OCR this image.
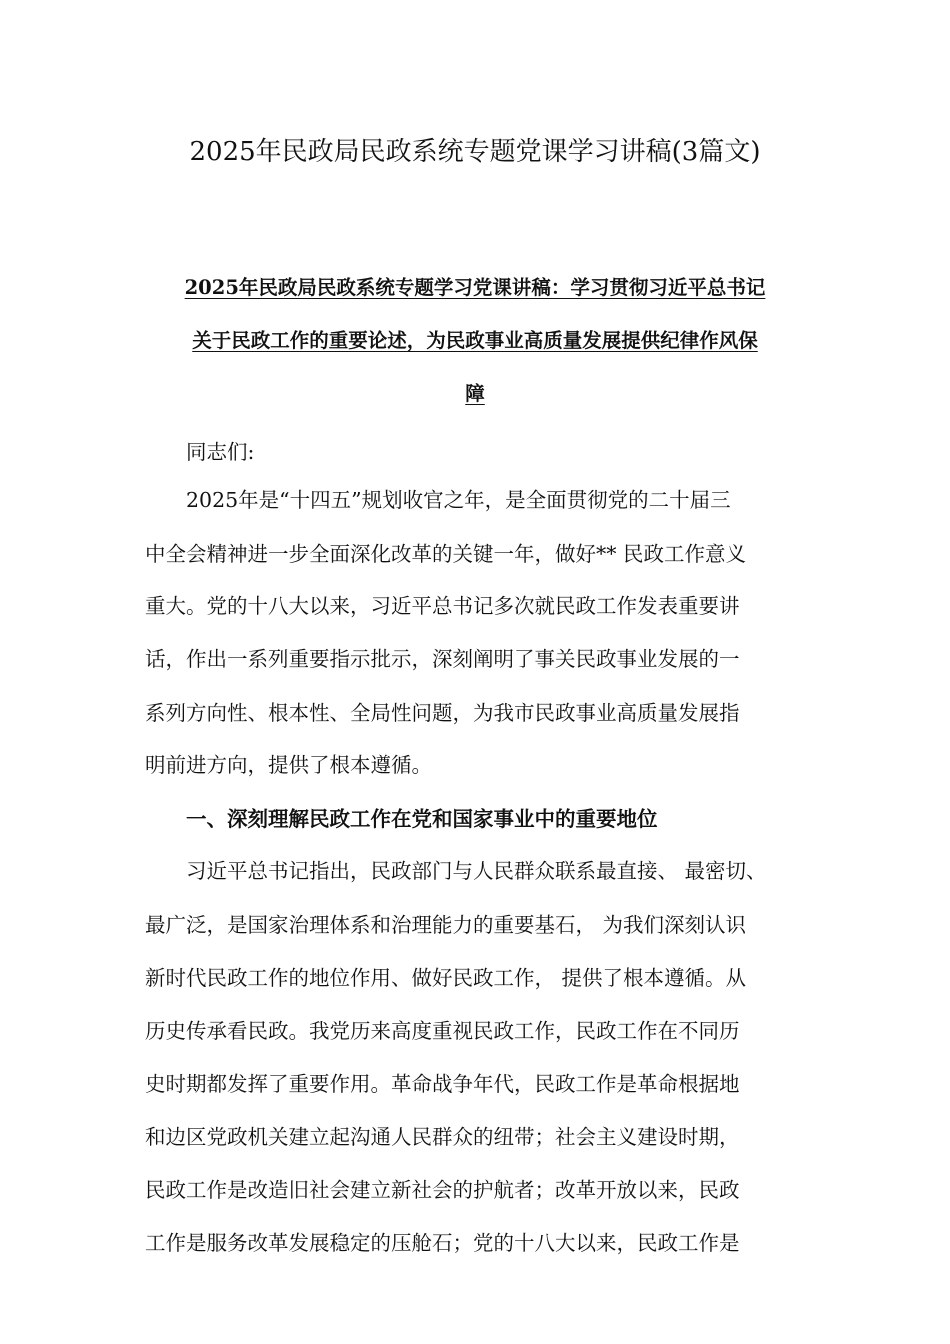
2025年民政局民政系统专题党课学习讲稿(3篇文)
2025年民政局民政系统专题学习党课讲稿：学习贯彻习近平总书记
关于民政工作的重要论述，为民政事业高质量发展提供纪律作风保
障
同志们:
2025年是“十四五”规划收官之年，是全面贯彻党的二十届三
中全会精神进一步全面深化改革的关键一年，做好** 民政工作意义
重大。党的十八大以来，习近平总书记多次就民政工作发表重要讲
话，作出一系列重要指示批示，深刻阐明了事关民政事业发展的一
系列方向性、根本性、全局性问题，为我市民政事业高质量发展指
明前进方向，提供了根本遵循。
一、深刻理解民政工作在党和国家事业中的重要地位
习近平总书记指出，民政部门与人民群众联系最直接、 最密切、
最广泛，是国家治理体系和治理能力的重要基石， 为我们深刻认识
新时代民政工作的地位作用、做好民政工作， 提供了根本遵循。从
历史传承看民政。我党历来高度重视民政工作，民政工作在不同历
史时期都发挥了重要作用。革命战争年代，民政工作是革命根据地
和边区党政机关建立起沟通人民群众的纽带；社会主义建设时期，
民政工作是改造旧社会建立新社会的护航者；改革开放以来，民政
工作是服务改革发展稳定的压舱石；党的十八大以来，民政工作是
